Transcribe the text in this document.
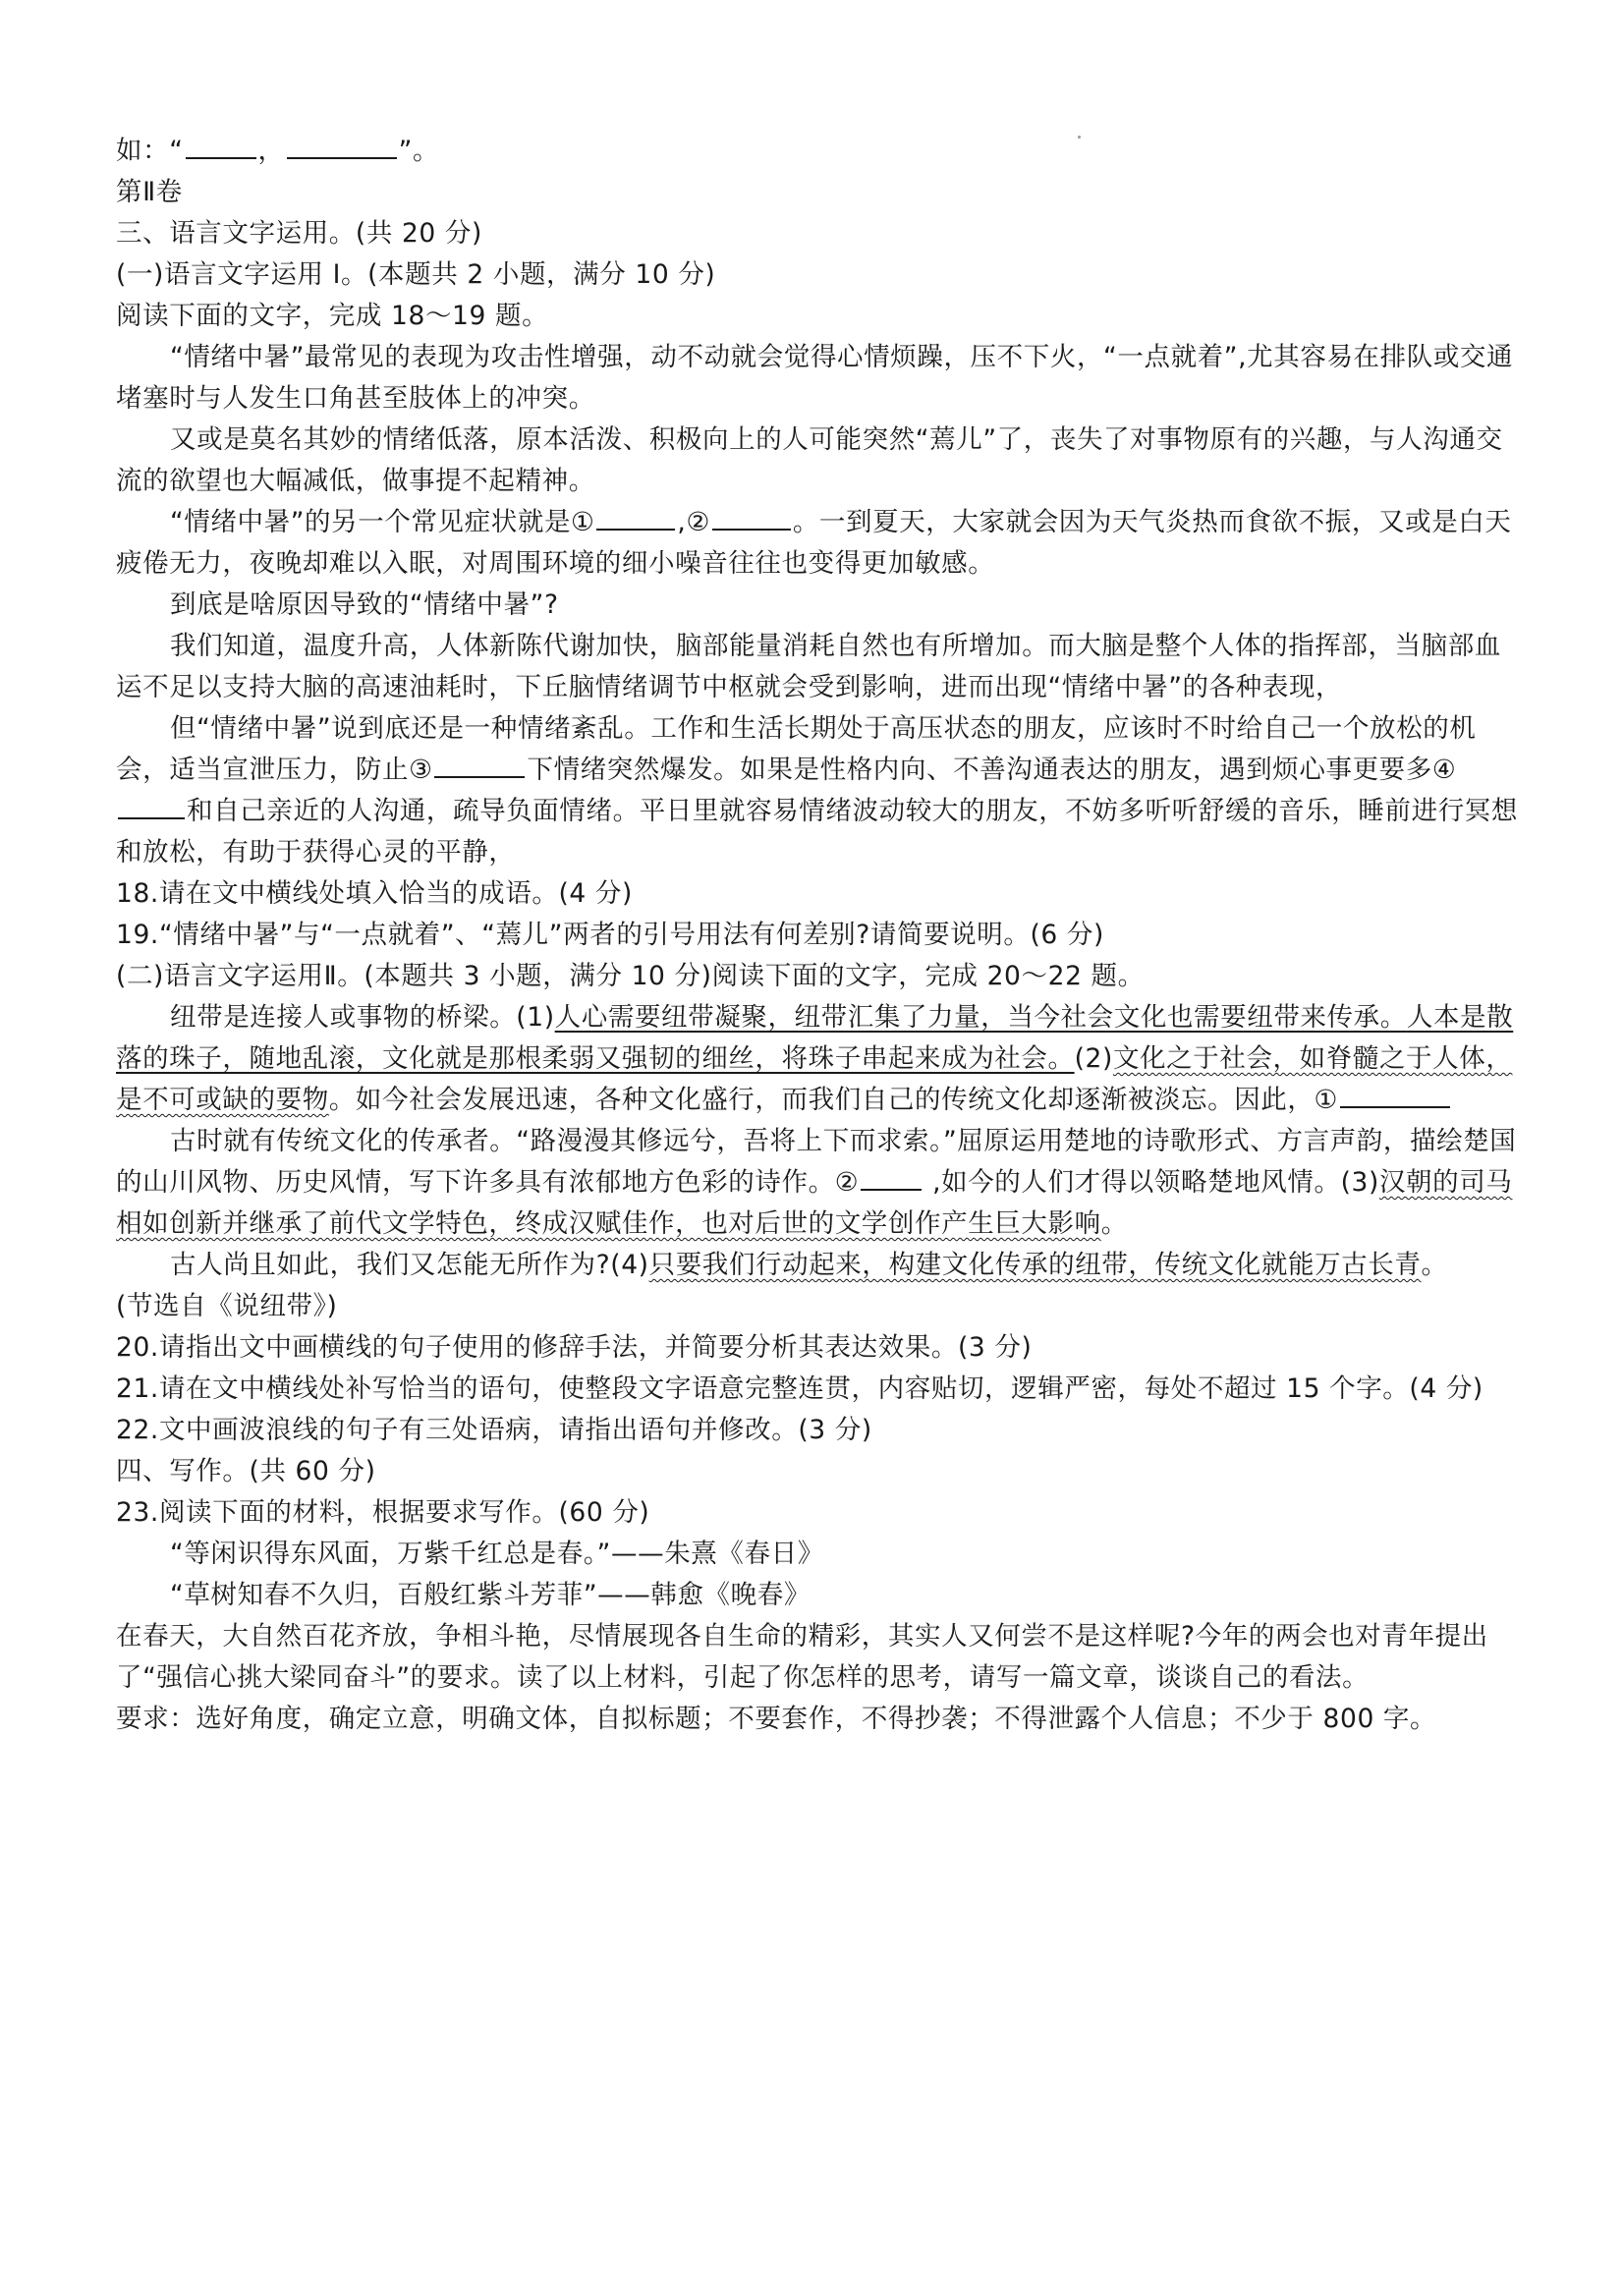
如：“	，	”。

第Ⅱ卷

三、语言文字运用。(共 20 分)

(一)语言文字运用 Ⅰ。(本题共 2 小题，满分 10 分)

阅读下面的文字，完成 18～19 题。

“情绪中暑”最常见的表现为攻击性增强，动不动就会觉得心情烦躁，压不下火，“一点就着”,尤其容易在排队或交通堵塞时与人发生口角甚至肢体上的冲突。

又或是莫名其妙的情绪低落，原本活泼、积极向上的人可能突然“蔫儿”了，丧失了对事物原有的兴趣，与人沟通交流的欲望也大幅减低，做事提不起精神。

“情绪中暑”的另一个常见症状就是①	,②	。一到夏天，大家就会因为天气炎热而食欲不振，又或是白天疲倦无力，夜晚却难以入眠，对周围环境的细小噪音往往也变得更加敏感。

到底是啥原因导致的“情绪中暑”?

我们知道，温度升高，人体新陈代谢加快，脑部能量消耗自然也有所增加。而大脑是整个人体的指挥部，当脑部血运不足以支持大脑的高速油耗时，下丘脑情绪调节中枢就会受到影响，进而出现“情绪中暑”的各种表现，

但“情绪中暑”说到底还是一种情绪紊乱。工作和生活长期处于高压状态的朋友，应该时不时给自己一个放松的机会，适当宣泄压力，防止③	下情绪突然爆发。如果是性格内向、不善沟通表达的朋友，遇到烦心事更要多④和自己亲近的人沟通，疏导负面情绪。平日里就容易情绪波动较大的朋友，不妨多听听舒缓的音乐，睡前进行冥想和放松，有助于获得心灵的平静，

18.请在文中横线处填入恰当的成语。(4 分)

19.“情绪中暑”与“一点就着”、“蔫儿”两者的引号用法有何差别?请简要说明。(6 分)

(二)语言文字运用Ⅱ。(本题共 3 小题，满分 10 分)阅读下面的文字，完成 20～22 题。

纽带是连接人或事物的桥梁。(1)人心需要纽带凝聚，纽带汇集了力量，当今社会文化也需要纽带来传承。人本是散落的珠子，随地乱滚，文化就是那根柔弱又强韧的细丝，将珠子串起来成为社会。(2)文化之于社会，如脊髓之于人体，是不可或缺的要物。如今社会发展迅速，各种文化盛行，而我们自己的传统文化却逐渐被淡忘。因此，①

古时就有传统文化的传承者。“路漫漫其修远兮，吾将上下而求索。”屈原运用楚地的诗歌形式、方言声韵，描绘楚国的山川风物、历史风情，写下许多具有浓郁地方色彩的诗作。② ,如今的人们才得以领略楚地风情。(3)汉朝的司马相如创新并继承了前代文学特色，终成汉赋佳作，也对后世的文学创作产生巨大影响。

古人尚且如此，我们又怎能无所作为?(4)只要我们行动起来，构建文化传承的纽带，传统文化就能万古长青。

(节选自《说纽带》)

20.请指出文中画横线的句子使用的修辞手法，并简要分析其表达效果。(3 分)

21.请在文中横线处补写恰当的语句，使整段文字语意完整连贯，内容贴切，逻辑严密，每处不超过 15 个字。(4 分)

22.文中画波浪线的句子有三处语病，请指出语句并修改。(3 分)

四、写作。(共 60 分)

23.阅读下面的材料，根据要求写作。(60 分)

“等闲识得东风面，万紫千红总是春。”——朱熹《春日》

“草树知春不久归，百般红紫斗芳菲”——韩愈《晚春》

在春天，大自然百花齐放，争相斗艳，尽情展现各自生命的精彩，其实人又何尝不是这样呢?今年的两会也对青年提出了“强信心挑大梁同奋斗”的要求。读了以上材料，引起了你怎样的思考，请写一篇文章，谈谈自己的看法。

要求：选好角度，确定立意，明确文体，自拟标题；不要套作，不得抄袭；不得泄露个人信息；不少于 800 字。
